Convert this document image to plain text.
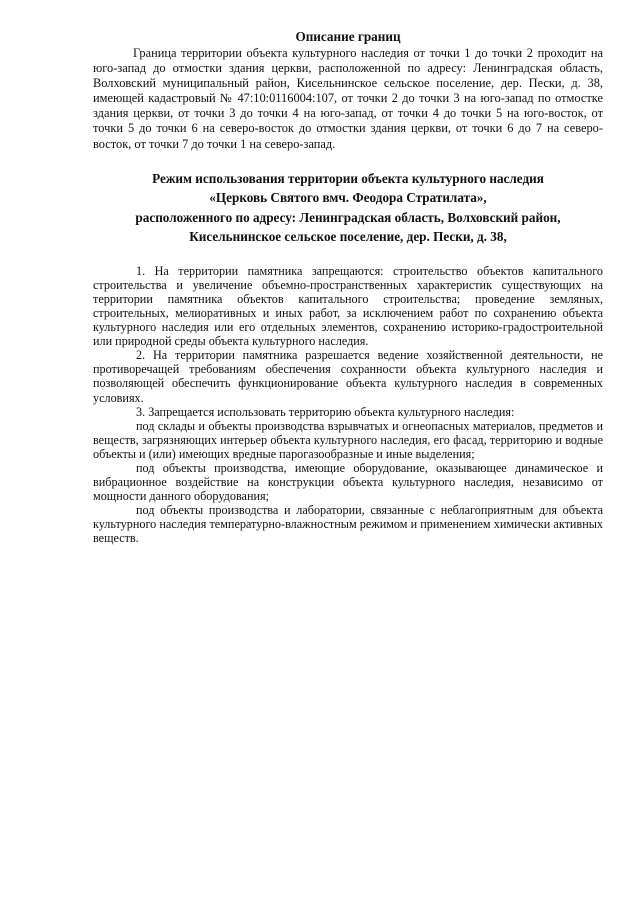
Описание границ

Граница территории объекта культурного наследия от точки 1 до точки 2 проходит на юго-запад до отмостки здания церкви, расположенной по адресу: Ленинградская область, Волховский муниципальный район, Кисельнинское сельское поселение, дер. Пески, д. 38, имеющей кадастровый № 47:10:0116004:107, от точки 2 до точки 3 на юго-запад по отмостке здания церкви, от точки 3 до точки 4 на юго-запад, от точки 4 до точки 5 на юго-восток, от точки 5 до точки 6 на северо-восток до отмостки здания церкви, от точки 6 до 7 на северо-восток, от точки 7 до точки 1 на северо-запад.

Режим использования территории объекта культурного наследия

«Церковь Святого вмч. Феодора Стратилата»,

расположенного по адресу: Ленинградская область, Волховский район,

Кисельнинское сельское поселение, дер. Пески, д. 38,

1. На территории памятника запрещаются: строительство объектов капитального строительства и увеличение объемно-пространственных характеристик существующих на территории памятника объектов капитального строительства; проведение земляных, строительных, мелиоративных и иных работ, за исключением работ по сохранению объекта культурного наследия или его отдельных элементов, сохранению историко-градостроительной или природной среды объекта культурного наследия.

2. На территории памятника разрешается ведение хозяйственной деятельности, не противоречащей требованиям обеспечения сохранности объекта культурного наследия и позволяющей обеспечить функционирование объекта культурного наследия в современных условиях.

3. Запрещается использовать территорию объекта культурного наследия:

под склады и объекты производства взрывчатых и огнеопасных материалов, предметов и веществ, загрязняющих интерьер объекта культурного наследия, его фасад, территорию и водные объекты и (или) имеющих вредные парогазообразные и иные выделения;

под объекты производства, имеющие оборудование, оказывающее динамическое и вибрационное воздействие на конструкции объекта культурного наследия, независимо от мощности данного оборудования;

под объекты производства и лаборатории, связанные с неблагоприятным для объекта культурного наследия температурно-влажностным режимом и применением химически активных веществ.
